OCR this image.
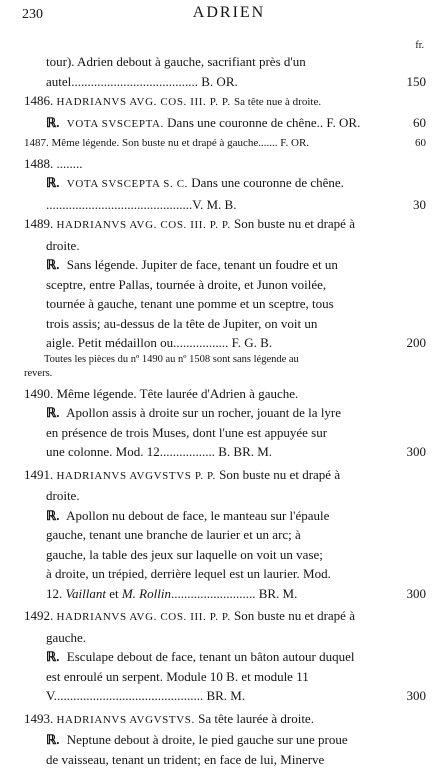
230	ADRIEN
fr.
tour). Adrien debout à gauche, sacrifiant près d'un
autel....................................... B. OR.	150
1486. HADRIANVS AVG. COS. III. P. P. Sa tête nue à droite.
ℝ. VOTA SVSCEPTA. Dans une couronne de chêne.. F. OR.	60
1487. Même légende. Son buste nu et drapé à gauche....... F. OR.	60
1488. ........
ℝ. VOTA SVSCEPTA S. C. Dans une couronne de chêne.
.............................................V. M. B.	30
1489. HADRIANVS AVG. COS. III. P. P. Son buste nu et drapé à
droite.
ℝ. Sans légende. Jupiter de face, tenant un foudre et un
sceptre, entre Pallas, tournée à droite, et Junon voilée,
tournée à gauche, tenant une pomme et un sceptre, tous
trois assis; au-dessus de la tête de Jupiter, on voit un
aigle. Petit médaillon ou................. F. G. B.	200
Toutes les pièces du nº 1490 au nº 1508 sont sans légende au
revers.
1490. Même légende. Tête laurée d'Adrien à gauche.
ℝ. Apollon assis à droite sur un rocher, jouant de la lyre
en présence de trois Muses, dont l'une est appuyée sur
une colonne. Mod. 12................. B. BR. M.	300
1491. HADRIANVS AVGVSTVS P. P. Son buste nu et drapé à
droite.
ℝ. Apollon nu debout de face, le manteau sur l'épaule
gauche, tenant une branche de laurier et un arc; à
gauche, la table des jeux sur laquelle on voit un vase;
à droite, un trépied, derrière lequel est un laurier. Mod.
12. Vaillant et M. Rollin.......................... BR. M.	300
1492. HADRIANVS AVG. COS. III. P. P. Son buste nu et drapé à
gauche.
ℝ. Esculape debout de face, tenant un bâton autour duquel
est enroulé un serpent. Module 10 B. et module 11
V.............................................. BR. M.	300
1493. HADRIANVS AVGVSTVS. Sa tête laurée à droite.
ℝ. Neptune debout à droite, le pied gauche sur une proue
de vaisseau, tenant un trident; en face de lui, Minerve
